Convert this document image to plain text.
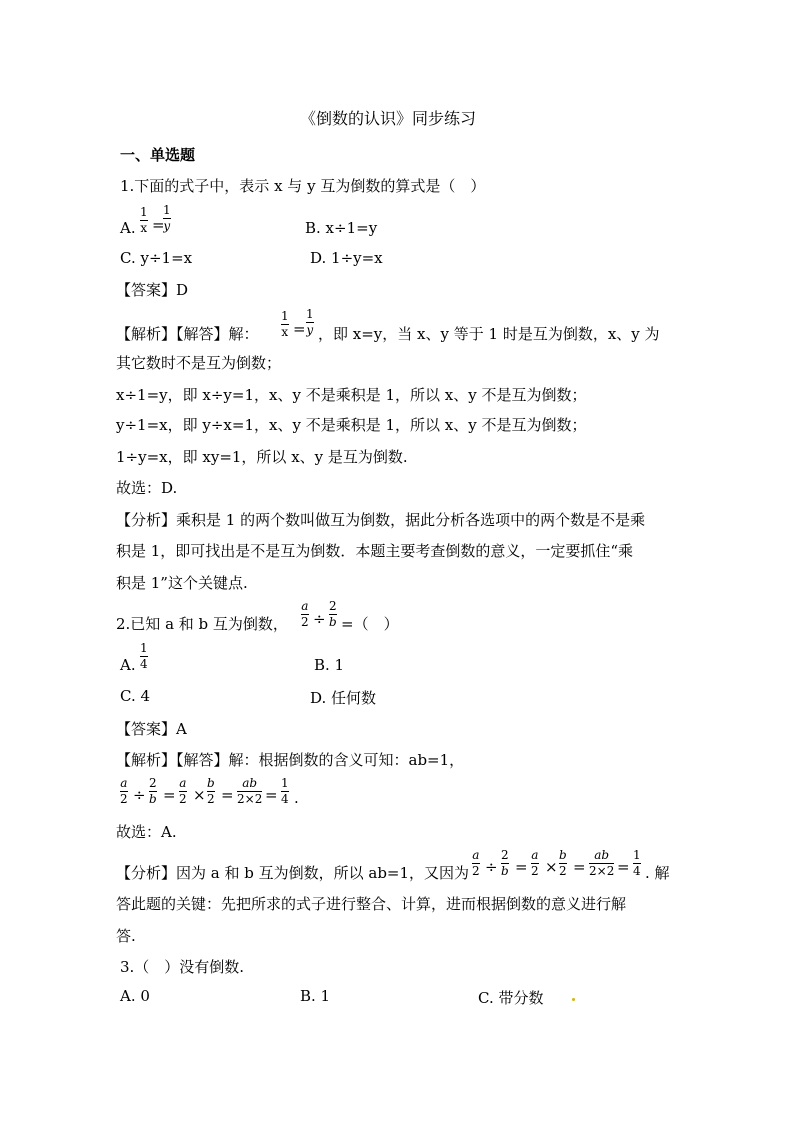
《倒数的认识》同步练习
一、单选题
1.下面的式子中，表示 x 与 y 互为倒数的算式是（　）
A.
1
x =
1
y	B. x÷1=y
C. y÷1=x	D. 1÷y=x
【答案】D
【解析】【解答】解：
1
x =
1
y ，即 x=y，当 x、y 等于 1 时是互为倒数，x、y 为
其它数时不是互为倒数；
x÷1=y，即 x÷y=1，x、y 不是乘积是 1，所以 x、y 不是互为倒数；
y÷1=x，即 y÷x=1，x、y 不是乘积是 1，所以 x、y 不是互为倒数；
1÷y=x，即 xy=1，所以 x、y 是互为倒数.
故选：D.
【分析】乘积是 1 的两个数叫做互为倒数，据此分析各选项中的两个数是不是乘
积是 1，即可找出是不是互为倒数．本题主要考查倒数的意义，一定要抓住“乘
积是 1”这个关键点.
2.已知 a 和 b 互为倒数，
a
2 ÷
2
b =（　）
A.
1
4	B. 1
C. 4	D. 任何数
【答案】A
【解析】【解答】解：根据倒数的含义可知：ab=1，
a
2 ÷
2
b =
a
2 ×
b
2 =
ab
2×2 =
1
4 .
故选：A.
【分析】因为 a 和 b 互为倒数，所以 ab=1，又因为
a
2 ÷
2
b =
a
2 ×
b
2 =
ab
2×2 =
1
4 . 解
答此题的关键：先把所求的式子进行整合、计算，进而根据倒数的意义进行解
答.
3.（　）没有倒数.
A. 0	B. 1	C. 带分数
